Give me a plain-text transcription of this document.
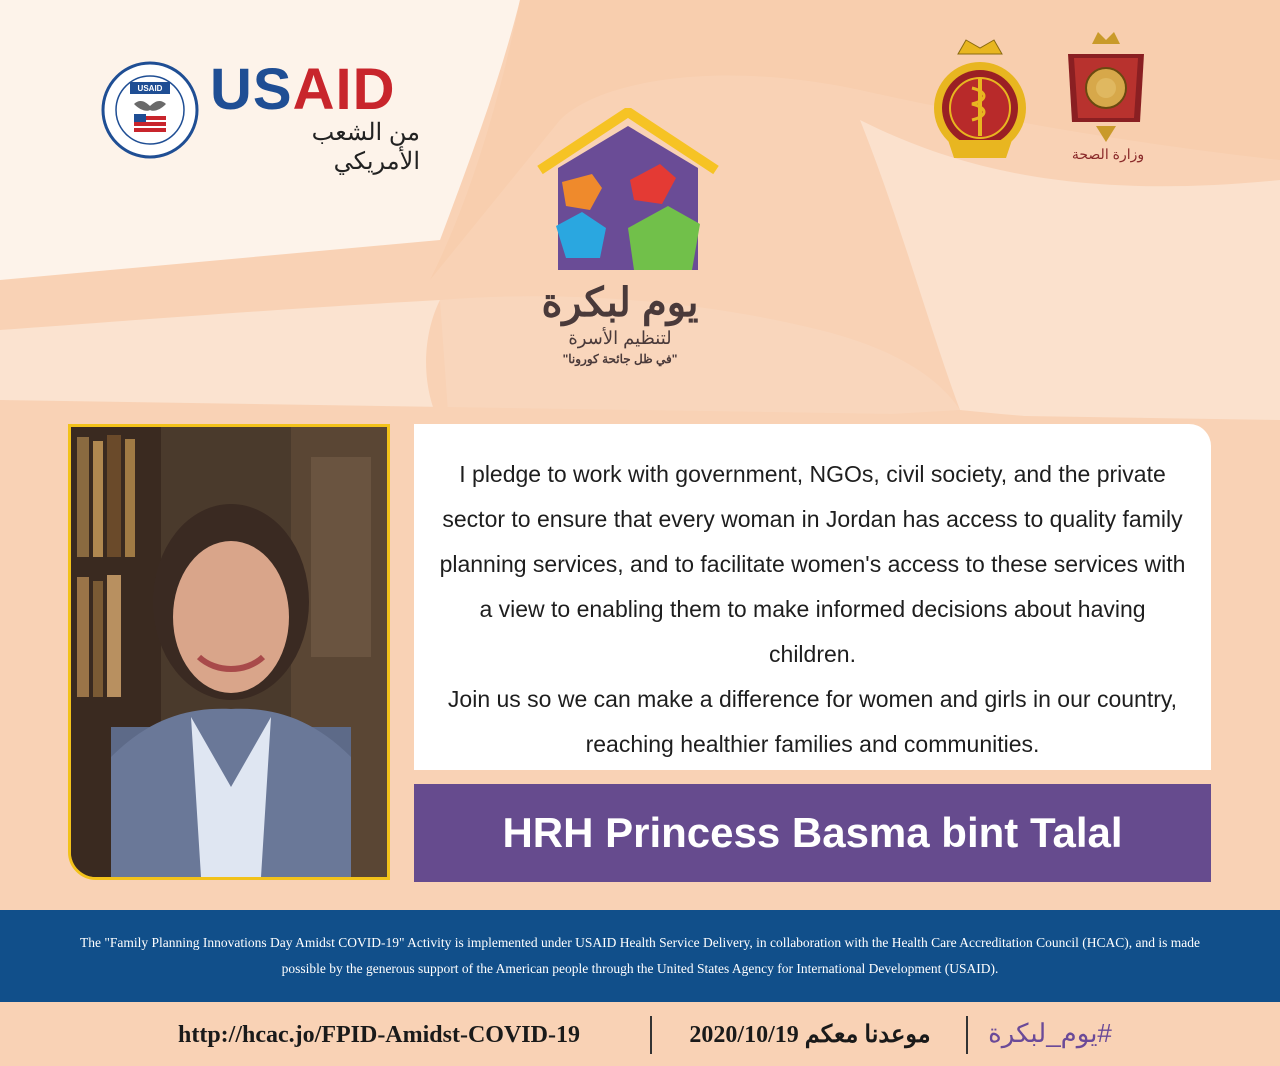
USAID USAID
من الشعب الأمريكي
يوم لبكرة
لتنظيم الأسرة
"في ظل جائحة كورونا"
وزارة الصحة

I pledge to work with government, NGOs, civil society, and the private sector to ensure that every woman in Jordan has access to quality family planning services, and to facilitate women's access to these services with a view to enabling them to make informed decisions about having children.

Join us so we can make a difference for women and girls in our country, reaching healthier families and communities.

HRH Princess Basma bint Talal

The "Family Planning Innovations Day Amidst COVID-19" Activity is implemented under USAID Health Service Delivery, in collaboration with the Health Care Accreditation Council (HCAC), and is made possible by the generous support of the American people through the United States Agency for International Development (USAID).

http://hcac.jo/FPID-Amidst-COVID-19	موعدنا معكم 2020/10/19	#يوم_لبكرة
